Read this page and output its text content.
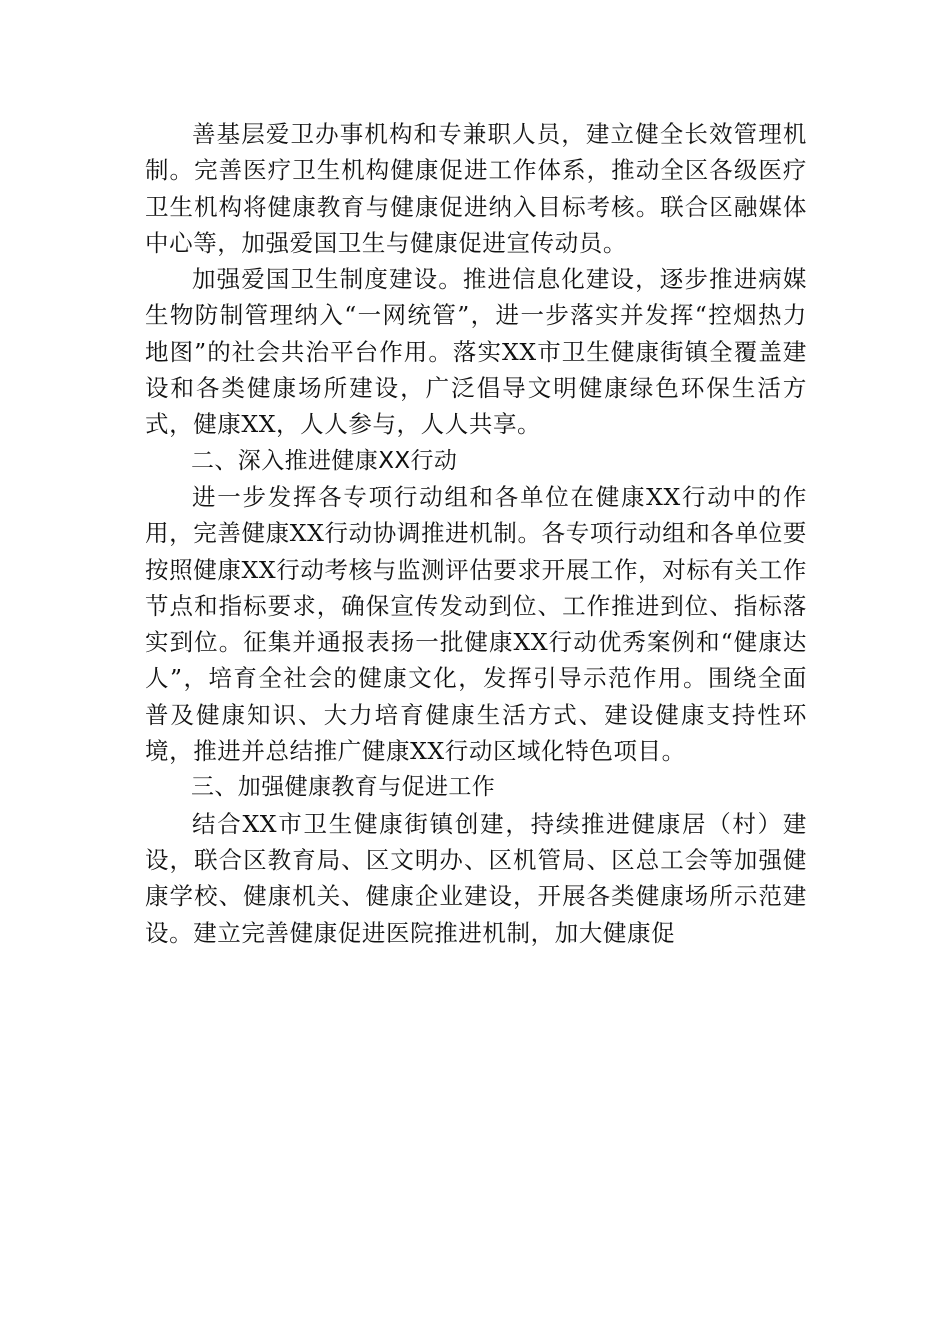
善基层爱卫办事机构和专兼职人员，建立健全长效管理机制。完善医疗卫生机构健康促进工作体系，推动全区各级医疗卫生机构将健康教育与健康促进纳入目标考核。联合区融媒体中心等，加强爱国卫生与健康促进宣传动员。

加强爱国卫生制度建设。推进信息化建设，逐步推进病媒生物防制管理纳入“一网统管”，进一步落实并发挥“控烟热力地图”的社会共治平台作用。落实XX市卫生健康街镇全覆盖建设和各类健康场所建设，广泛倡导文明健康绿色环保生活方式，健康XX，人人参与，人人共享。

二、深入推进健康XX行动

进一步发挥各专项行动组和各单位在健康XX行动中的作用，完善健康XX行动协调推进机制。各专项行动组和各单位要按照健康XX行动考核与监测评估要求开展工作，对标有关工作节点和指标要求，确保宣传发动到位、工作推进到位、指标落实到位。征集并通报表扬一批健康XX行动优秀案例和“健康达人”，培育全社会的健康文化，发挥引导示范作用。围绕全面普及健康知识、大力培育健康生活方式、建设健康支持性环境，推进并总结推广健康XX行动区域化特色项目。

三、加强健康教育与促进工作

结合XX市卫生健康街镇创建，持续推进健康居（村）建设，联合区教育局、区文明办、区机管局、区总工会等加强健康学校、健康机关、健康企业建设，开展各类健康场所示范建设。建立完善健康促进医院推进机制，加大健康促
